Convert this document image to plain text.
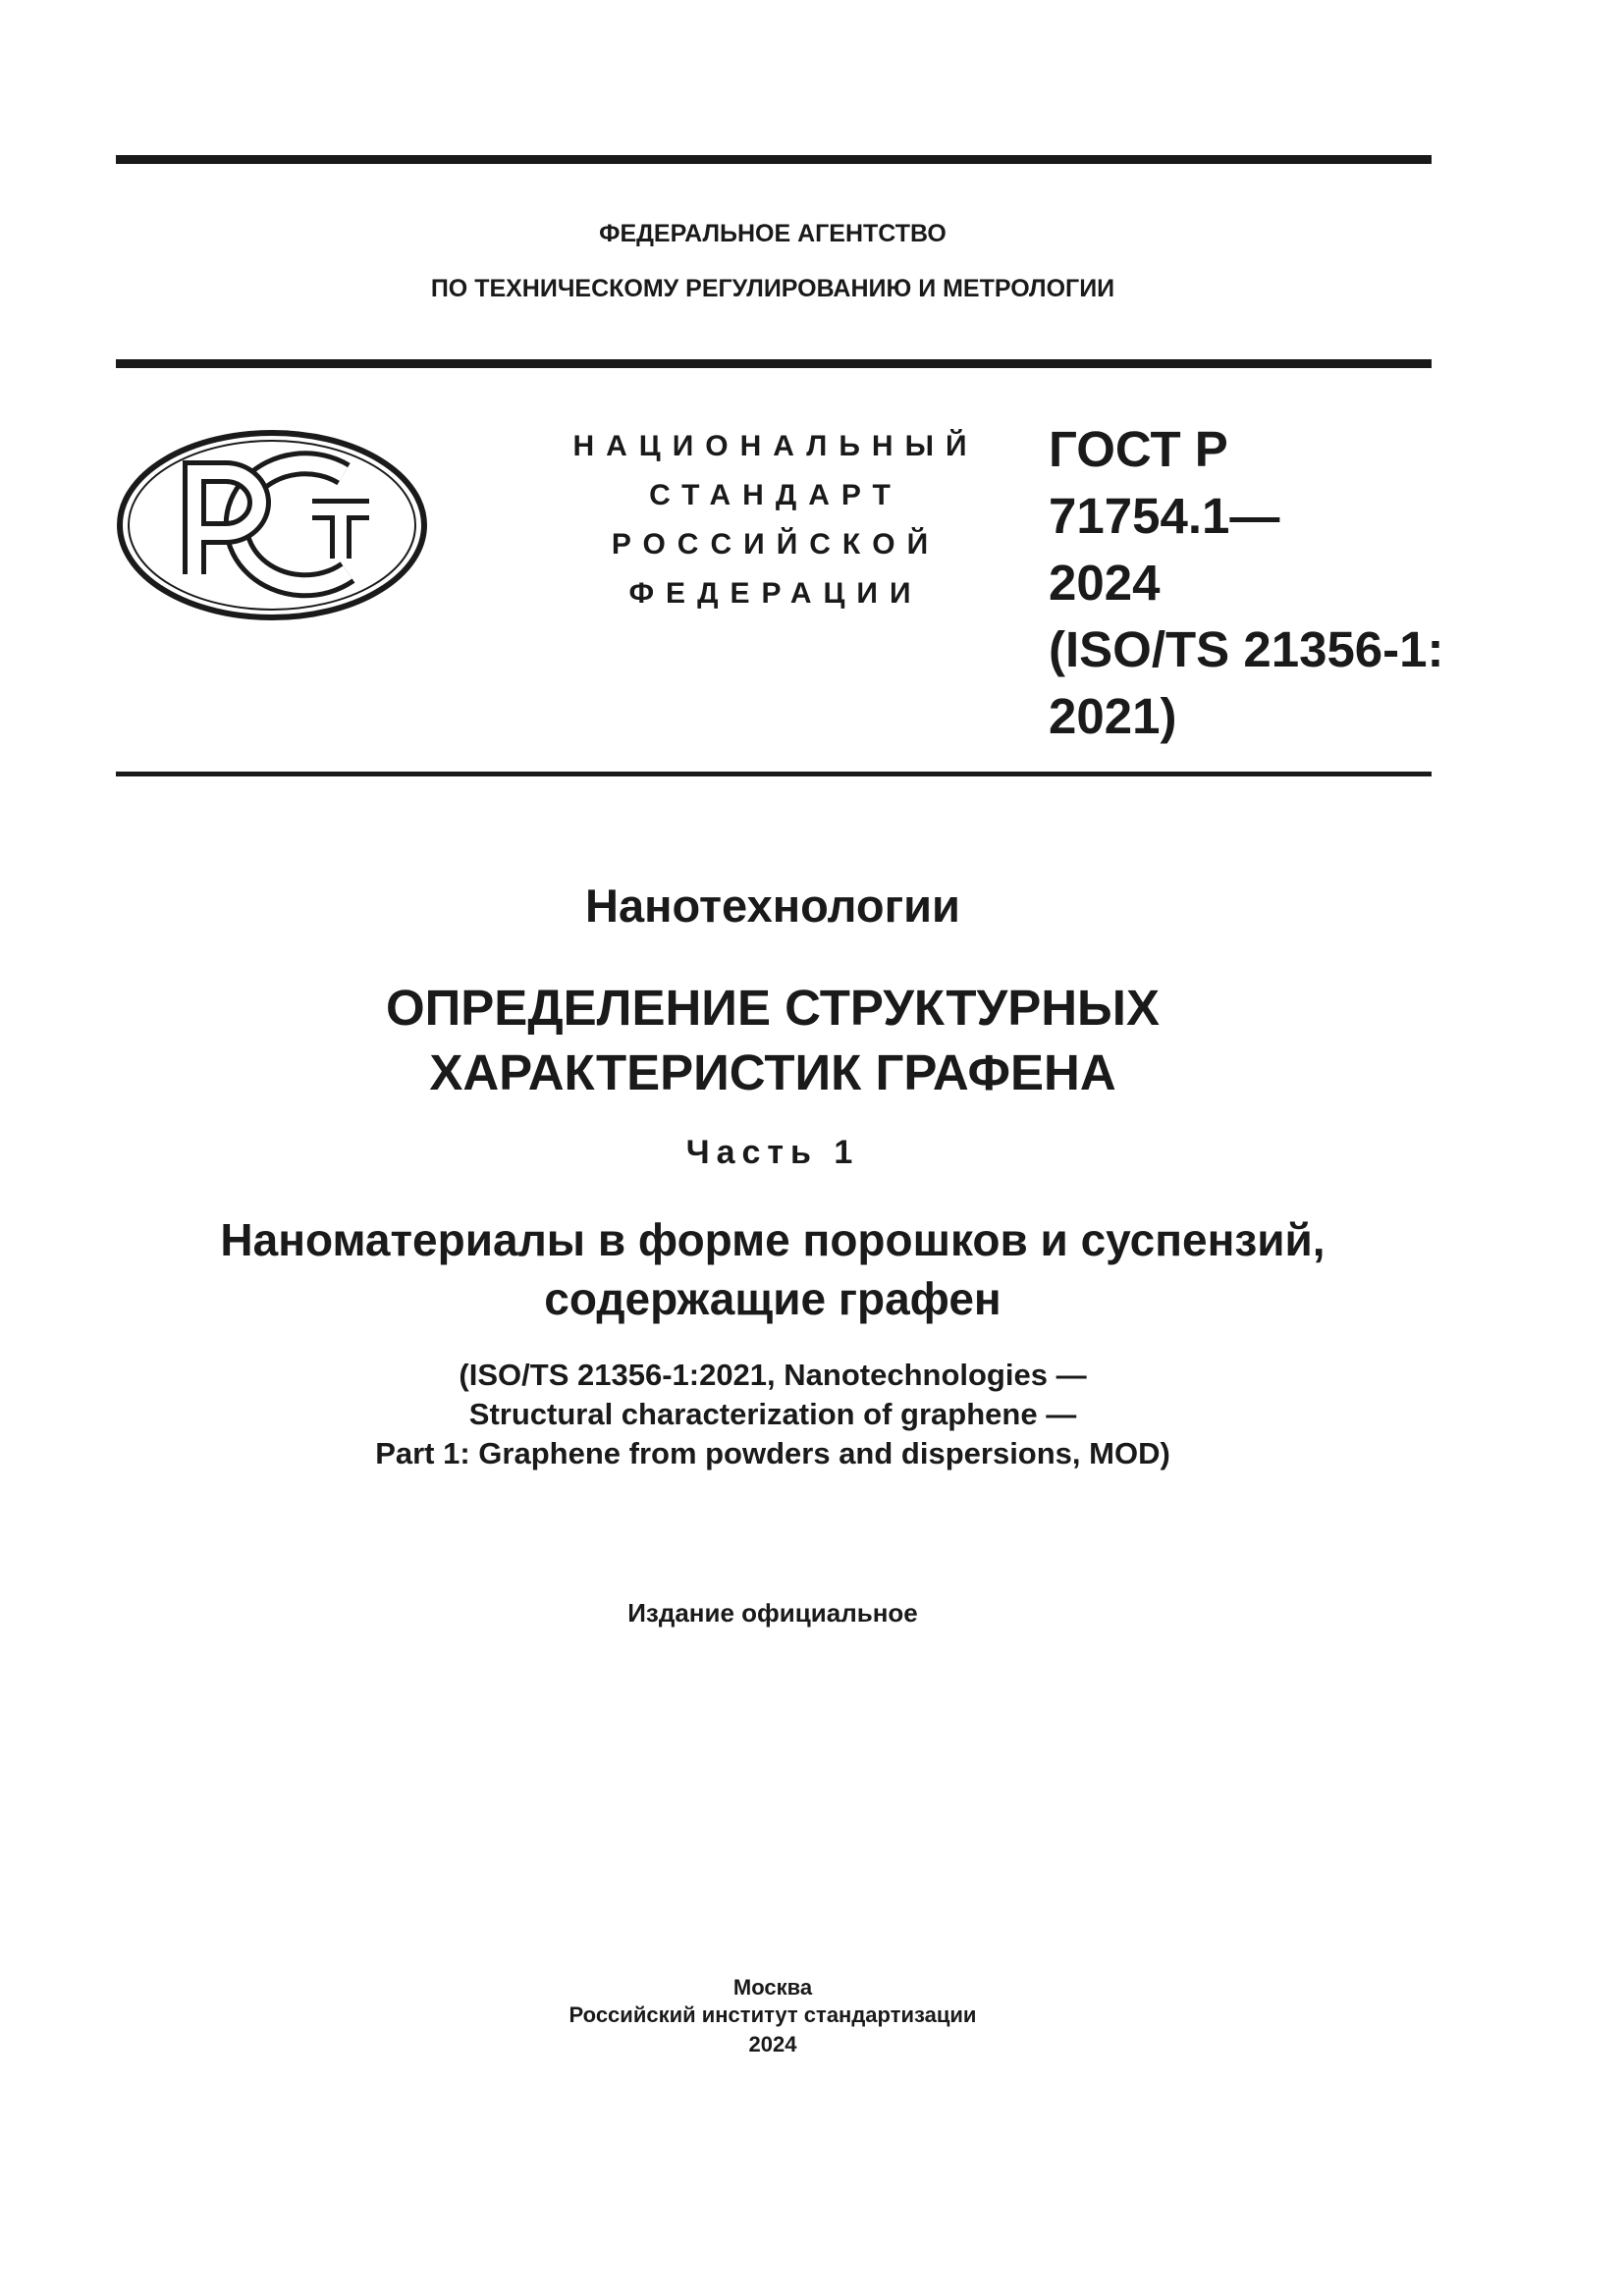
ФЕДЕРАЛЬНОЕ АГЕНТСТВО
ПО ТЕХНИЧЕСКОМУ РЕГУЛИРОВАНИЮ И МЕТРОЛОГИИ
НАЦИОНАЛЬНЫЙ
СТАНДАРТ
РОССИЙСКОЙ
ФЕДЕРАЦИИ
ГОСТ Р
71754.1—
2024
(ISO/TS 21356-1:
2021)
Нанотехнологии
ОПРЕДЕЛЕНИЕ СТРУКТУРНЫХ
ХАРАКТЕРИСТИК ГРАФЕНА
Часть 1
Наноматериалы в форме порошков и суспензий,
содержащие графен
(ISO/TS 21356-1:2021, Nanotechnologies —
Structural characterization of graphene —
Part 1: Graphene from powders and dispersions, MOD)
Издание официальное
Москва
Российский институт стандартизации
2024
